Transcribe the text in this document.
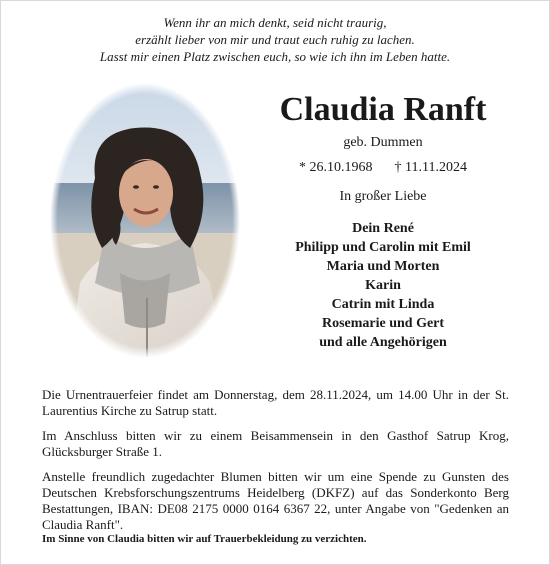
Wenn ihr an mich denkt, seid nicht traurig,
erzählt lieber von mir und traut euch ruhig zu lachen.
Lasst mir einen Platz zwischen euch, so wie ich ihn im Leben hatte.
Claudia Ranft
geb. Dummen
* 26.10.1968 † 11.11.2024
In großer Liebe
Dein René
Philipp und Carolin mit Emil
Maria und Morten
Karin
Catrin mit Linda
Rosemarie und Gert
und alle Angehörigen

Die Urnentrauerfeier findet am Donnerstag, dem 28.11.2024, um 14.00 Uhr in der St. Laurentius Kirche zu Satrup statt.

Im Anschluss bitten wir zu einem Beisammensein in den Gasthof Satrup Krog, Glücksburger Straße 1.

Anstelle freundlich zugedachter Blumen bitten wir um eine Spende zu Gunsten des Deutschen Krebsforschungszentrums Heidelberg (DKFZ) auf das Sonderkonto Berg Bestattungen, IBAN: DE08 2175 0000 0164 6367 22, unter Angabe von "Gedenken an Claudia Ranft".

Im Sinne von Claudia bitten wir auf Trauerbekleidung zu verzichten.
